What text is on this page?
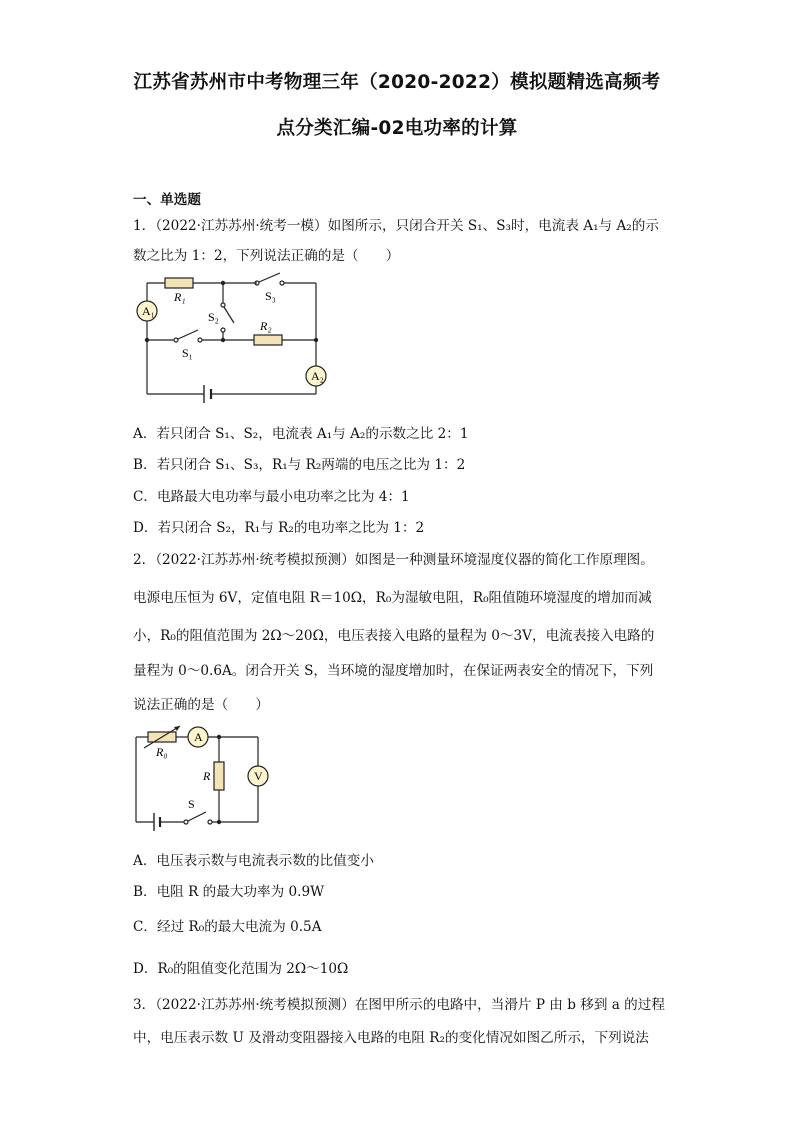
江苏省苏州市中考物理三年（2020-2022）模拟题精选高频考
点分类汇编-02电功率的计算
一、单选题
1．（2022·江苏苏州·统考一模）如图所示，只闭合开关 S₁、S₃时，电流表 A₁与 A₂的示
数之比为 1：2，下列说法正确的是（　　）
A₁
A₂
R₁
R₂
S₃
S₂
S₁
A．若只闭合 S₁、S₂，电流表 A₁与 A₂的示数之比 2：1
B．若只闭合 S₁、S₃，R₁与 R₂两端的电压之比为 1：2
C．电路最大电功率与最小电功率之比为 4：1
D．若只闭合 S₂，R₁与 R₂的电功率之比为 1：2
2．（2022·江苏苏州·统考模拟预测）如图是一种测量环境湿度仪器的简化工作原理图。
电源电压恒为 6V，定值电阻 R＝10Ω，R₀为湿敏电阻，R₀阻值随环境湿度的增加而减
小，R₀的阻值范围为 2Ω～20Ω，电压表接入电路的量程为 0～3V，电流表接入电路的
量程为 0～0.6A。闭合开关 S，当环境的湿度增加时，在保证两表安全的情况下，下列
说法正确的是（　　）
A
V
R₀
R
S
A．电压表示数与电流表示数的比值变小
B．电阻 R 的最大功率为 0.9W
C．经过 R₀的最大电流为 0.5A
D．R₀的阻值变化范围为 2Ω～10Ω
3．（2022·江苏苏州·统考模拟预测）在图甲所示的电路中，当滑片 P 由 b 移到 a 的过程
中，电压表示数 U 及滑动变阻器接入电路的电阻 R₂的变化情况如图乙所示，下列说法
